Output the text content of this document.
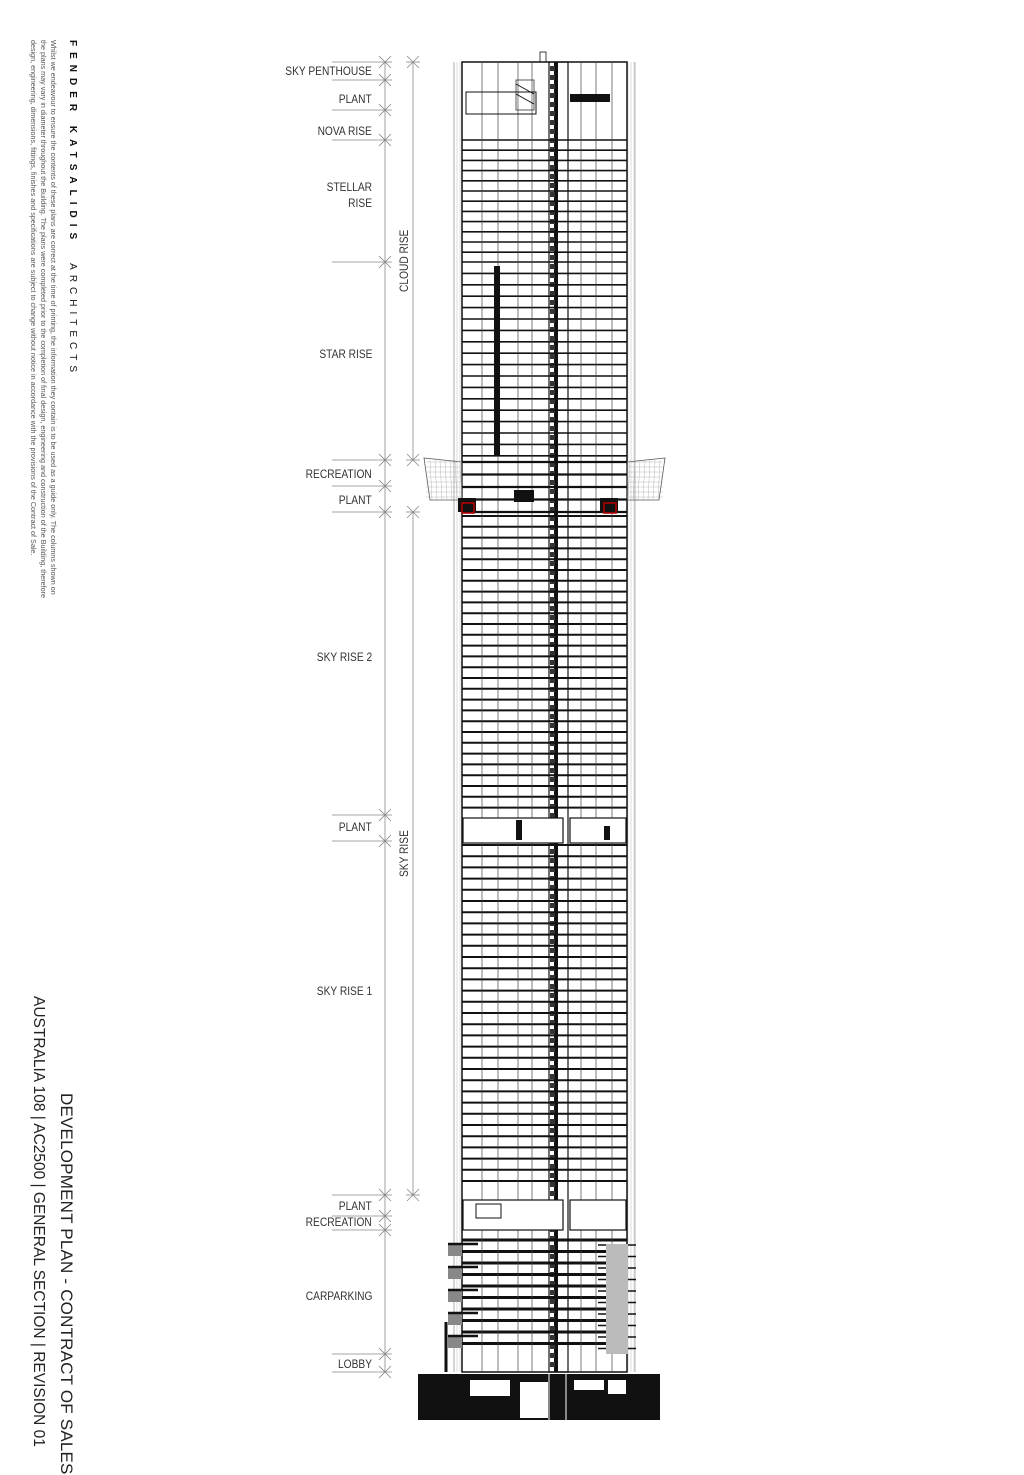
FENDER KATSALIDISARCHITECTS
Whilst we endeavour to ensure the contents of these plans are correct at the time of printing, the information they contain is to be used as a guide only. The columns shown on
the plans may vary in diameter throughout the Building. The plans were completed prior to the completion of final design, engineering and construction of the Building, therefore
design, engineering, dimensions, fittings, finishes and specifications are subject to change without notice in accordance with the provisions of the Contract of Sale.
DEVELOPMENT PLAN - CONTRACT OF SALES
AUSTRALIA 108 | AC2500 | GENERAL SECTION | REVISION 01
SKY PENTHOUSE
PLANT
NOVA RISE
STELLAR
RISE
STAR RISE
RECREATION
PLANT
SKY RISE 2
PLANT
SKY RISE 1
PLANT
RECREATION
CARPARKING
LOBBY
CLOUD RISE
SKY RISE
